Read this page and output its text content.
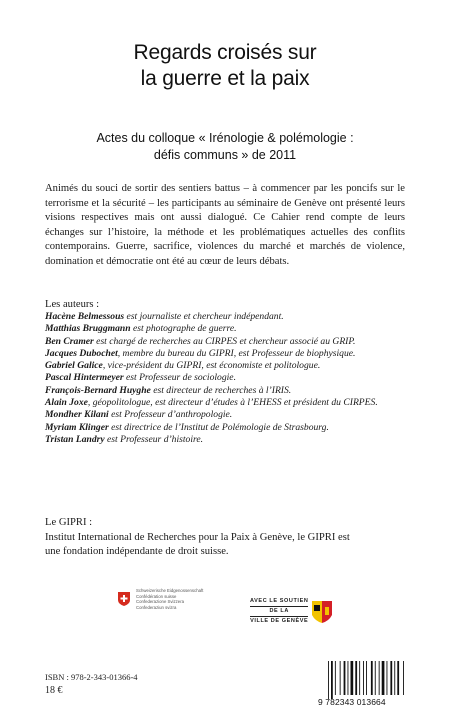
Regards croisés sur
la guerre et la paix
Actes du colloque « Irénologie & polémologie :
défis communs » de 2011
Animés du souci de sortir des sentiers battus – à commencer par les poncifs sur le terrorisme et la sécurité – les participants au séminaire de Genève ont présenté leurs visions respectives mais ont aussi dialogué. Ce Cahier rend compte de leurs échanges sur l’histoire, la méthode et les problématiques actuelles des conflits contemporains. Guerre, sacrifice, violences du marché et marchés de violence, domination et démocratie ont été au cœur de leurs débats.
Les auteurs :
Hacène Belmessous est journaliste et chercheur indépendant.
Matthias Bruggmann est photographe de guerre.
Ben Cramer est chargé de recherches au CIRPES et chercheur associé au GRIP.
Jacques Dubochet, membre du bureau du GIPRI, est Professeur de biophysique.
Gabriel Galice, vice-président du GIPRI, est économiste et politologue.
Pascal Hintermeyer est Professeur de sociologie.
François-Bernard Huyghe est directeur de recherches à l’IRIS.
Alain Joxe, géopolitologue, est directeur d’études à l’EHESS et président du CIRPES.
Mondher Kilani est Professeur d’anthropologie.
Myriam Klinger est directrice de l’Institut de Polémologie de Strasbourg.
Tristan Landry est Professeur d’histoire.
Le GIPRI :
Institut International de Recherches pour la Paix à Genève, le GIPRI est une fondation indépendante de droit suisse.
Schweizerische Eidgenossenschaft
Confédération suisse
Confederazione Svizzera
Confederaziun svizra
AVEC LE SOUTIEN
DE LA
VILLE DE GENÈVE
ISBN : 978-2-343-01366-4
18 €
9 782343 013664
